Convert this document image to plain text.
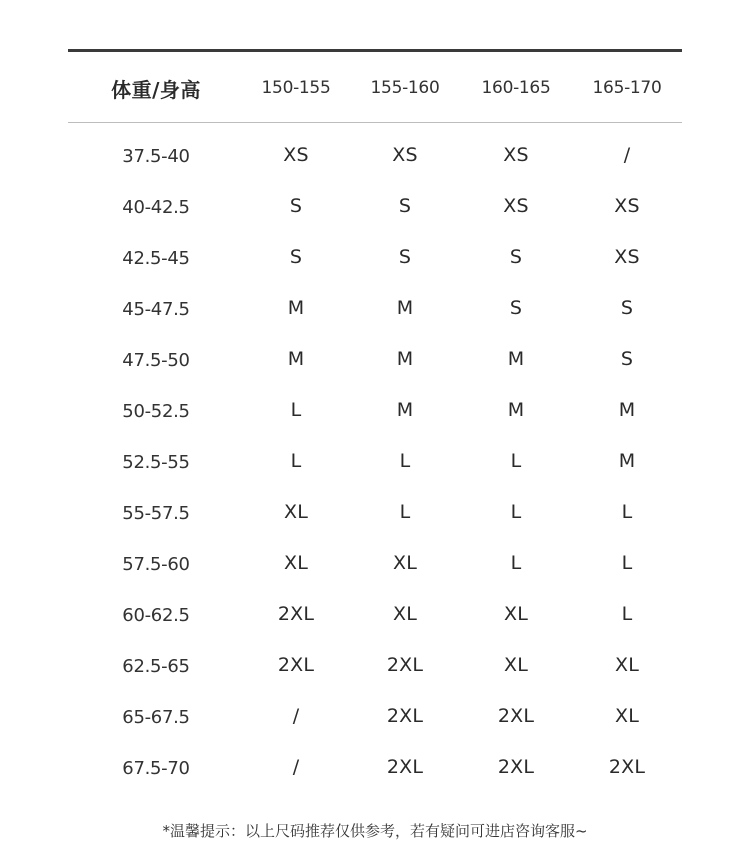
体重/身高	150-155	155-160	160-165	165-170
37.5-40	XS	XS	XS	/
40-42.5	S	S	XS	XS
42.5-45	S	S	S	XS
45-47.5	M	M	S	S
47.5-50	M	M	M	S
50-52.5	L	M	M	M
52.5-55	L	L	L	M
55-57.5	XL	L	L	L
57.5-60	XL	XL	L	L
60-62.5	2XL	XL	XL	L
62.5-65	2XL	2XL	XL	XL
65-67.5	/	2XL	2XL	XL
67.5-70	/	2XL	2XL	2XL
*温馨提示：以上尺码推荐仅供参考，若有疑问可进店咨询客服~
